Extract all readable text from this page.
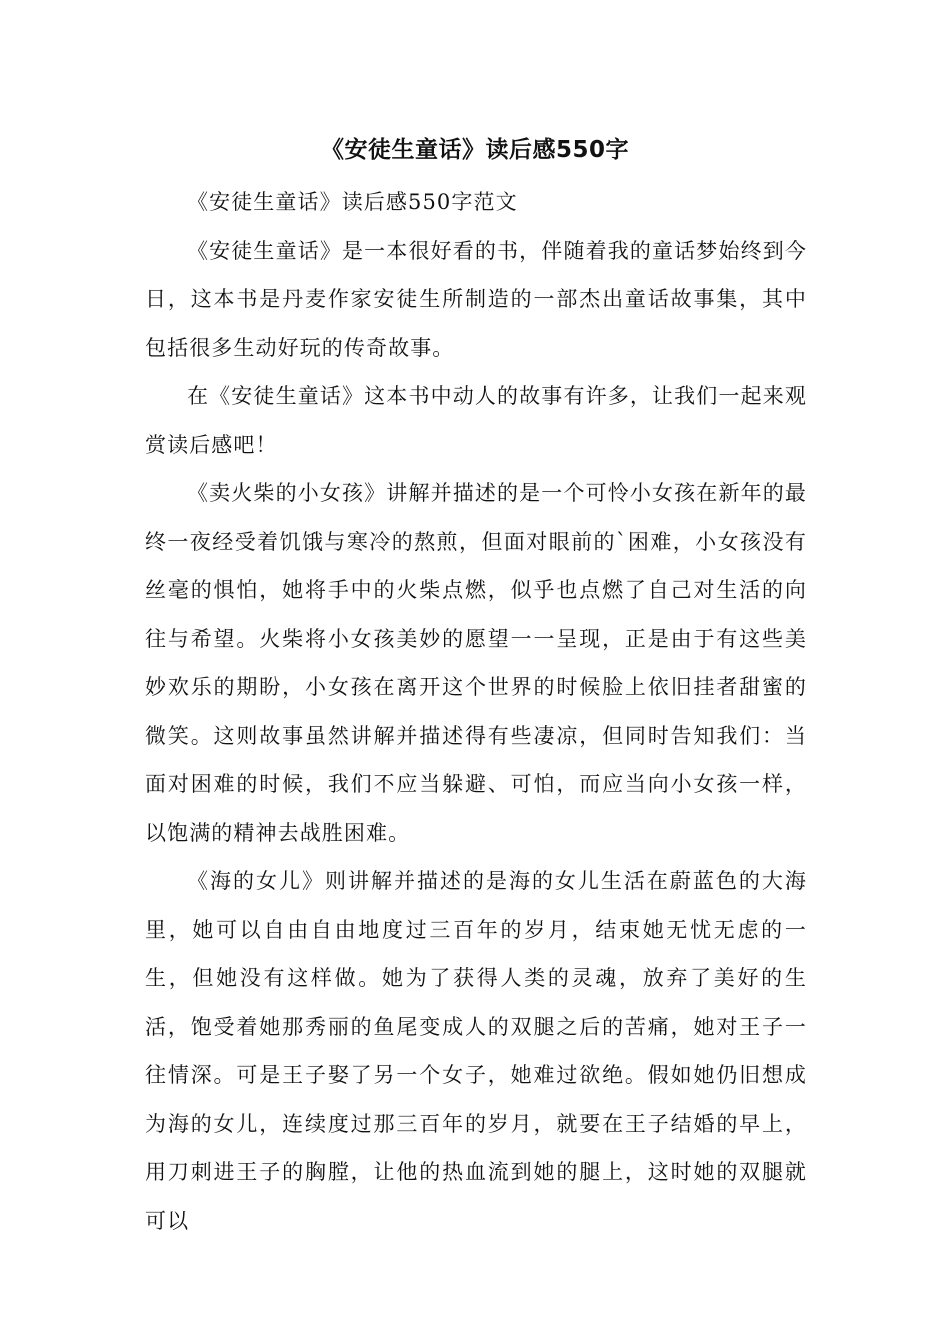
《安徒生童话》读后感550字

《安徒生童话》读后感550字范文

《安徒生童话》是一本很好看的书，伴随着我的童话梦始终到今日，这本书是丹麦作家安徒生所制造的一部杰出童话故事集，其中包括很多生动好玩的传奇故事。

在《安徒生童话》这本书中动人的故事有许多，让我们一起来观赏读后感吧！

《卖火柴的小女孩》讲解并描述的是一个可怜小女孩在新年的最终一夜经受着饥饿与寒冷的熬煎，但面对眼前的`困难，小女孩没有丝毫的惧怕，她将手中的火柴点燃，似乎也点燃了自己对生活的向往与希望。火柴将小女孩美妙的愿望一一呈现，正是由于有这些美妙欢乐的期盼，小女孩在离开这个世界的时候脸上依旧挂者甜蜜的微笑。这则故事虽然讲解并描述得有些凄凉，但同时告知我们：当面对困难的时候，我们不应当躲避、可怕，而应当向小女孩一样，以饱满的精神去战胜困难。

《海的女儿》则讲解并描述的是海的女儿生活在蔚蓝色的大海里，她可以自由自由地度过三百年的岁月，结束她无忧无虑的一生，但她没有这样做。她为了获得人类的灵魂，放弃了美好的生活，饱受着她那秀丽的鱼尾变成人的双腿之后的苦痛，她对王子一往情深。可是王子娶了另一个女子，她难过欲绝。假如她仍旧想成为海的女儿，连续度过那三百年的岁月，就要在王子结婚的早上，用刀刺进王子的胸膛，让他的热血流到她的腿上，这时她的双腿就可以
